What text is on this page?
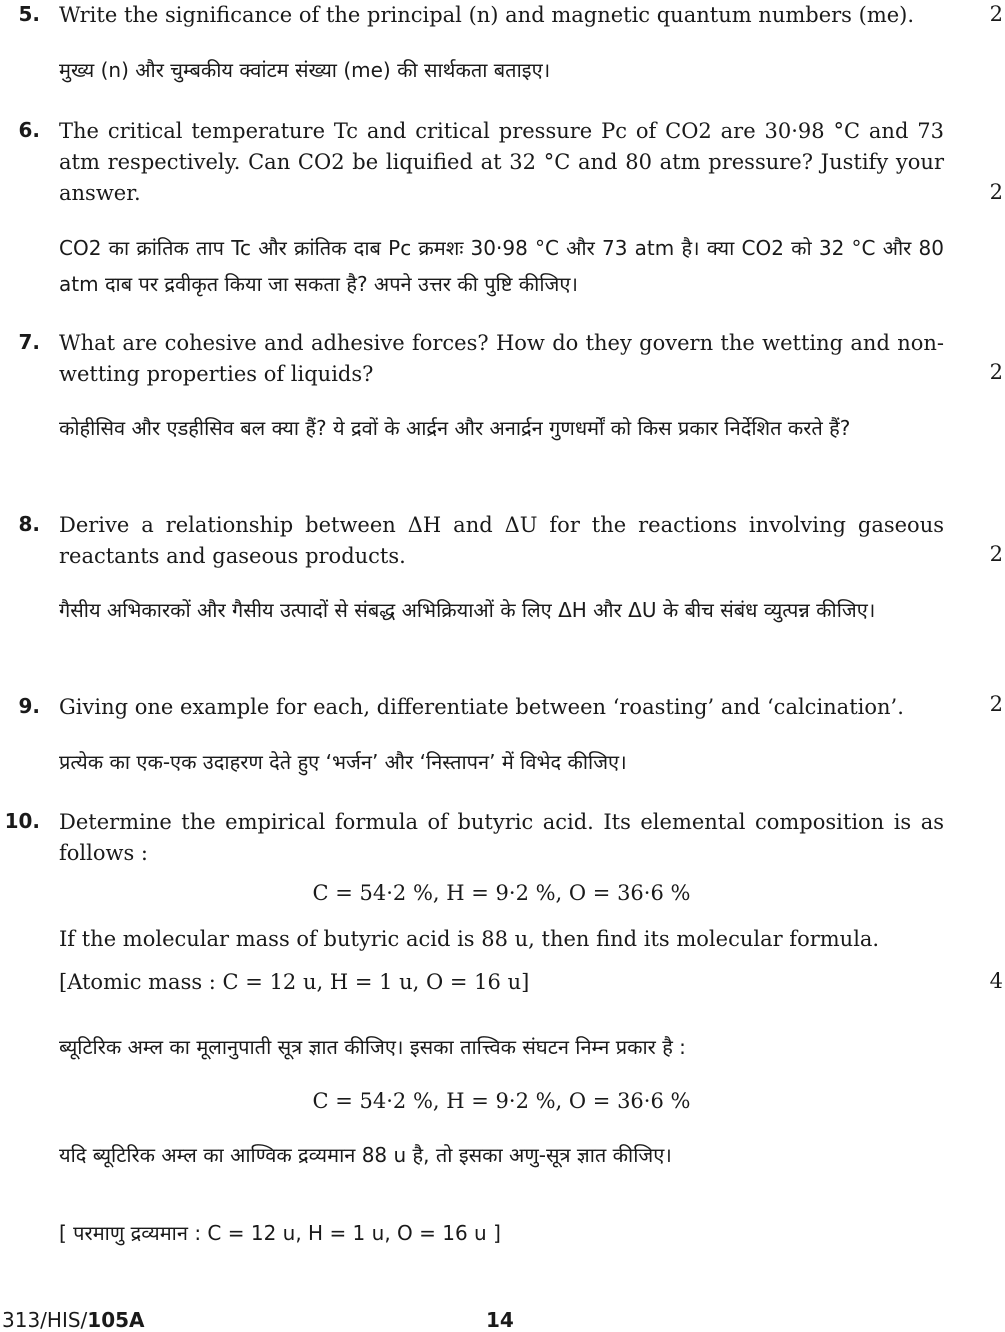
5. Write the significance of the principal (n) and magnetic quantum numbers (me).	2
मुख्य (n) और चुम्बकीय क्वांटम संख्या (me) की सार्थकता बताइए।
6. The critical temperature Tc and critical pressure Pc of CO2 are 30·98 °C and 73 atm respectively. Can CO2 be liquified at 32 °C and 80 atm pressure? Justify your answer.	2
CO2 का क्रांतिक ताप Tc और क्रांतिक दाब Pc क्रमशः 30·98 °C और 73 atm है। क्या CO2 को 32 °C और 80 atm दाब पर द्रवीकृत किया जा सकता है? अपने उत्तर की पुष्टि कीजिए।
7. What are cohesive and adhesive forces? How do they govern the wetting and non-wetting properties of liquids?	2
कोहीसिव और एडहीसिव बल क्या हैं? ये द्रवों के आर्द्रन और अनार्द्रन गुणधर्मों को किस प्रकार निर्देशित करते हैं?
8. Derive a relationship between ΔH and ΔU for the reactions involving gaseous reactants and gaseous products.	2
गैसीय अभिकारकों और गैसीय उत्पादों से संबद्ध अभिक्रियाओं के लिए ΔH और ΔU के बीच संबंध व्युत्पन्न कीजिए।
9. Giving one example for each, differentiate between ‘roasting’ and ‘calcination’.	2
प्रत्येक का एक-एक उदाहरण देते हुए ‘भर्जन’ और ‘निस्तापन’ में विभेद कीजिए।
10. Determine the empirical formula of butyric acid. Its elemental composition is as follows :
C = 54·2 %, H = 9·2 %, O = 36·6 %
If the molecular mass of butyric acid is 88 u, then find its molecular formula.
[Atomic mass : C = 12 u, H = 1 u, O = 16 u]	4
ब्यूटिरिक अम्ल का मूलानुपाती सूत्र ज्ञात कीजिए। इसका तात्त्विक संघटन निम्न प्रकार है :
C = 54·2 %, H = 9·2 %, O = 36·6 %
यदि ब्यूटिरिक अम्ल का आण्विक द्रव्यमान 88 u है, तो इसका अणु-सूत्र ज्ञात कीजिए।
[ परमाणु द्रव्यमान : C = 12 u, H = 1 u, O = 16 u ]
313/HIS/105A	14
